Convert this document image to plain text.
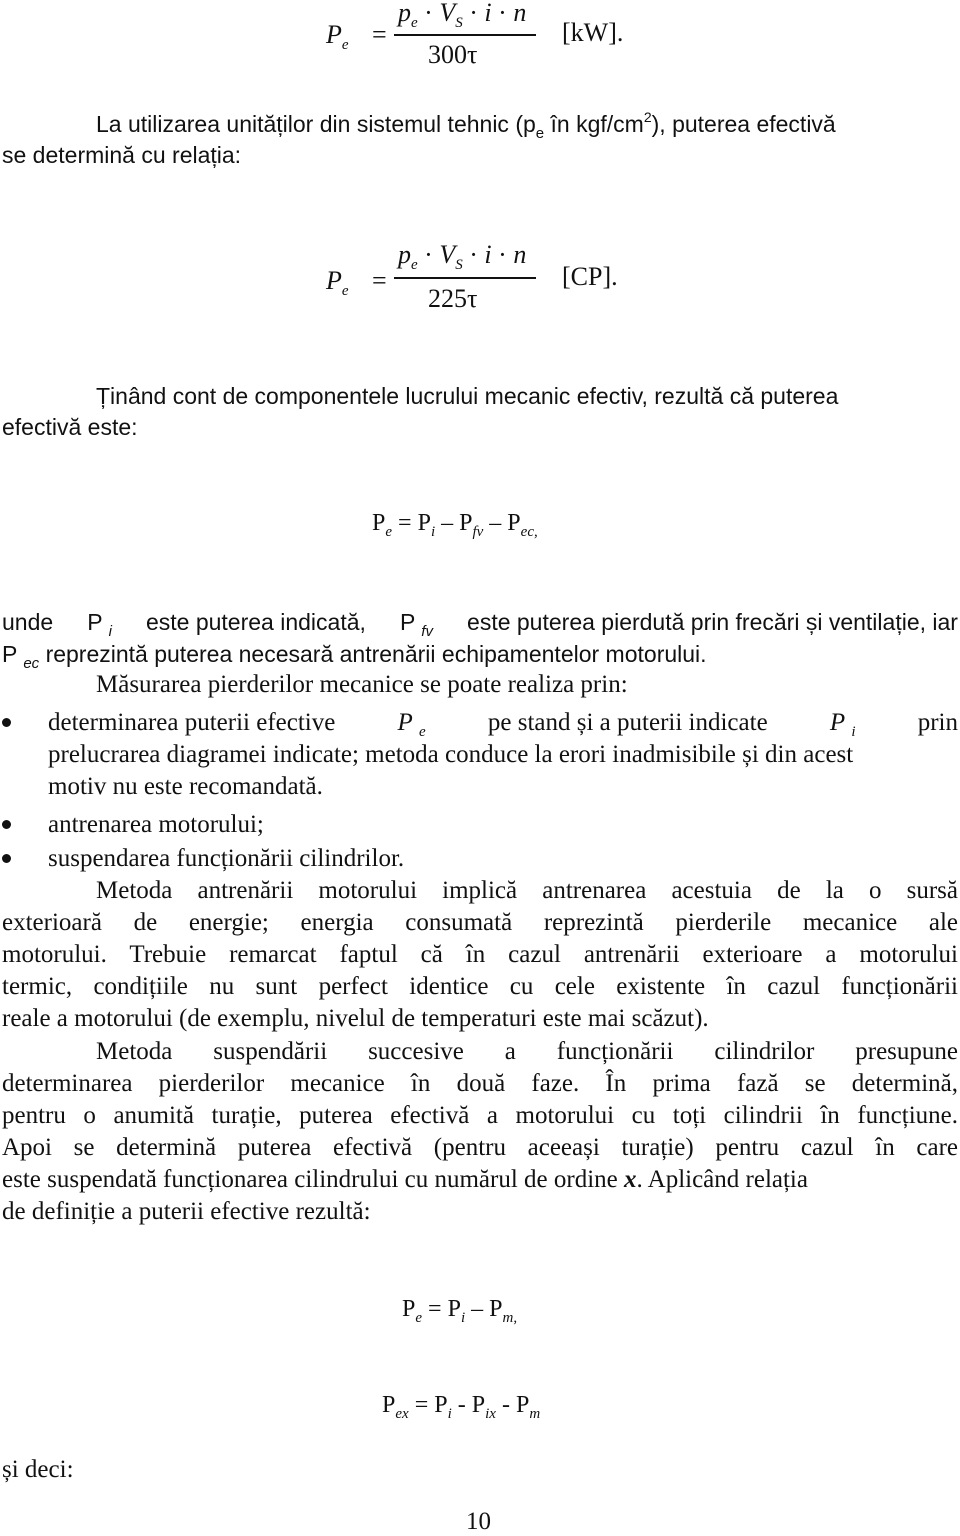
$P_e$ =
$p_e \cdot V_S \cdot i \cdot n$
300τ
[kW].
La utilizarea unităților din sistemul tehnic ($p_e$ în kgf/$cm^2$), puterea efectivă
se determină cu relația:
$P_e$ =
$p_e \cdot V_S \cdot i \cdot n$
225τ
[CP].
Ținând cont de componentele lucrului mecanic efectiv, rezultă că puterea
efectivă este:
$P_e = P_i - P_{fv} - P_{ec,}$
unde P $_i$ este puterea indicată, P $_{fv}$ este puterea pierdută prin frecări și ventilație, iar
P $_{ec}$ reprezintă puterea necesară antrenării echipamentelor motorului.
Măsurarea pierderilor mecanice se poate realiza prin:
determinarea puterii efective P $_e$ pe stand și a puterii indicate P $_i$ prin
prelucrarea diagramei indicate; metoda conduce la erori inadmisibile și din acest
motiv nu este recomandată.
antrenarea motorului;
suspendarea funcționării cilindrilor.
Metoda antrenării motorului implică antrenarea acestuia de la o sursă
exterioară de energie; energia consumată reprezintă pierderile mecanice ale
motorului. Trebuie remarcat faptul că în cazul antrenării exterioare a motorului
termic, condițiile nu sunt perfect identice cu cele existente în cazul funcționării
reale a motorului (de exemplu, nivelul de temperaturi este mai scăzut).
Metoda suspendării succesive a funcționării cilindrilor presupune
determinarea pierderilor mecanice în două faze. În prima fază se determină,
pentru o anumită turație, puterea efectivă a motorului cu toți cilindrii în funcțiune.
Apoi se determină puterea efectivă (pentru aceeași turație) pentru cazul în care
este suspendată funcționarea cilindrului cu numărul de ordine x. Aplicând relația
de definiție a puterii efective rezultă:
$P_e = P_i - P_{m,}$
$P_{ex} = P_i - P_{ix} - P_m$
și deci:
10
